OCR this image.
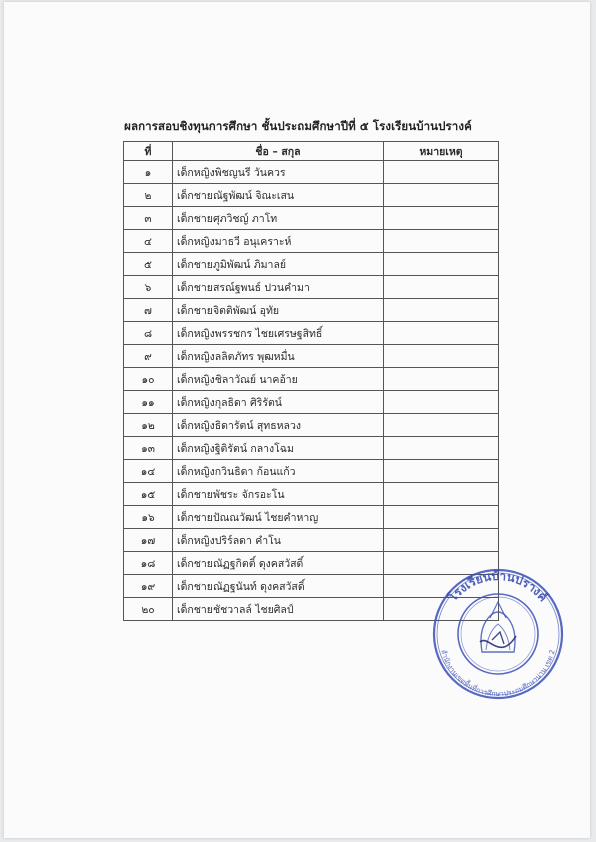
ผลการสอบชิงทุนการศึกษา ชั้นประถมศึกษาปีที่ ๕ โรงเรียนบ้านปรางค์
ที่	ชื่อ – สกุล	หมายเหตุ
๑	เด็กหญิงพิชญนรี วันควร	
๒	เด็กชายณัฐพัฒน์ จิณะเสน	
๓	เด็กชายศุภวิชญ์ ภาโท	
๔	เด็กหญิงมาธวี อนุเคราะห์	
๕	เด็กชายภูมิพัฒน์ ภิมาลย์	
๖	เด็กชายสรณ์ฐพนธ์ ปวนคำมา	
๗	เด็กชายจิตติพัฒน์ อุทัย	
๘	เด็กหญิงพรรชกร ไชยเศรษฐสิทธิ์	
๙	เด็กหญิงลลิตภัทร พุฒหมื่น	
๑๐	เด็กหญิงชิลาวัณย์ นาคอ้าย	
๑๑	เด็กหญิงกุลธิดา ศิริรัตน์	
๑๒	เด็กหญิงธิดารัตน์ สุทธหลวง	
๑๓	เด็กหญิงฐิติรัตน์ กลางโฉม	
๑๔	เด็กหญิงกวินธิดา ก้อนแก้ว	
๑๕	เด็กชายพัชระ จักรอะโน	
๑๖	เด็กชายปัณณวัฒน์ ไชยคำหาญ	
๑๗	เด็กหญิงปริร์ลดา คำโน	
๑๘	เด็กชายณัฏฐกิตติ์ ดุงคสวัสดิ์	
๑๙	เด็กชายณัฏฐนันท์ ดุงคสวัสดิ์	
๒๐	เด็กชายชัชวาลล์ ไชยศิลป์	
โรงเรียนบ้านปรางค์
สำนักงานเขตพื้นที่การศึกษาประถมศึกษาน่าน เขต 2
